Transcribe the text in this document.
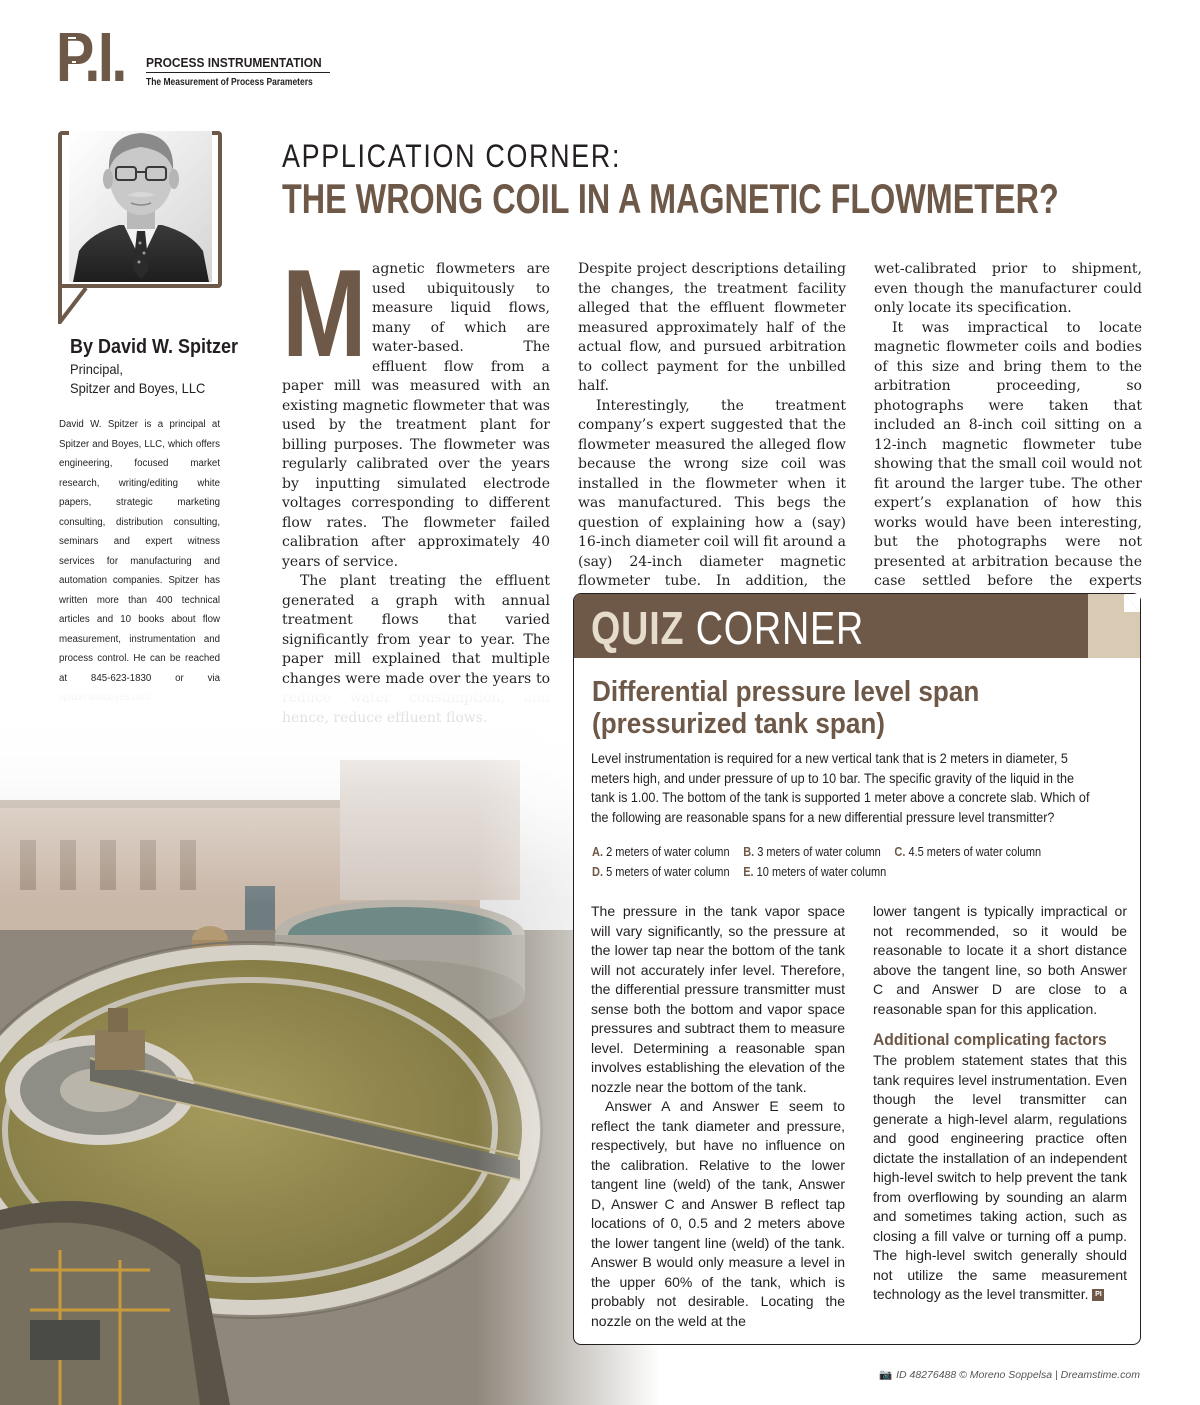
P.I. PROCESS INSTRUMENTATION
The Measurement of Process Parameters
By David W. Spitzer
Principal,
Spitzer and Boyes, LLC
David W. Spitzer is a principal at Spitzer and Boyes, LLC, which offers engineering, focused market research, writing/editing white papers, strategic marketing consulting, distribution consulting, seminars and expert witness services for manufacturing and automation companies. Spitzer has written more than 400 technical articles and 10 books about flow measurement, instrumentation and process control. He can be reached at 845-623-1830 or via
APPLICATION CORNER:
THE WRONG COIL IN A MAGNETIC FLOWMETER?

Magnetic flowmeters are used ubiquitously to measure liquid flows, many of which are water-based. The effluent flow from a paper mill was measured with an existing magnetic flowmeter that was used by the treatment plant for billing purposes. The flowmeter was regularly calibrated over the years by inputting simulated electrode voltages corresponding to different flow rates. The flowmeter failed calibration after approximately 40 years of service.

The plant treating the effluent generated a graph with annual treatment flows that varied significantly from year to year. The paper mill explained that multiple changes were made over the years to

Despite project descriptions detailing the changes, the treatment facility alleged that the effluent flowmeter measured approximately half of the actual flow, and pursued arbitration to collect payment for the unbilled half.

Interestingly, the treatment company’s expert suggested that the flowmeter measured the alleged flow because the wrong size coil was installed in the flowmeter when it was manufactured. This begs the question of explaining how a (say) 16-inch diameter coil will fit around a (say) 24-inch diameter magnetic flowmeter tube. In addition, the

wet-calibrated prior to shipment, even though the manufacturer could only locate its specification.

It was impractical to locate magnetic flowmeter coils and bodies of this size and bring them to the arbitration proceeding, so photographs were taken that included an 8-inch coil sitting on a 12-inch magnetic flowmeter tube showing that the small coil would not fit around the larger tube. The other expert’s explanation of how this works would have been interesting, but the photographs were not presented at arbitration because the case settled before the experts

QUIZ CORNER
Differential pressure level span (pressurized tank span)
Level instrumentation is required for a new vertical tank that is 2 meters in diameter, 5 meters high, and under pressure of up to 10 bar. The specific gravity of the liquid in the tank is 1.00. The bottom of the tank is supported 1 meter above a concrete slab. Which of the following are reasonable spans for a new differential pressure level transmitter?
A. 2 meters of water column B. 3 meters of water column C. 4.5 meters of water column
D. 5 meters of water column E. 10 meters of water column

The pressure in the tank vapor space will vary significantly, so the pressure at the lower tap near the bottom of the tank will not accurately infer level. Therefore, the differential pressure transmitter must sense both the bottom and vapor space pressures and subtract them to measure level. Determining a reasonable span involves establishing the elevation of the nozzle near the bottom of the tank.

Answer A and Answer E seem to reflect the tank diameter and pressure, respectively, but have no influence on the calibration. Relative to the lower tangent line (weld) of the tank, Answer D, Answer C and Answer B reflect tap locations of 0, 0.5 and 2 meters above the lower tangent line (weld) of the tank. Answer B would only measure a level in the upper 60% of the tank, which is probably not desirable. Locating the nozzle on the weld at the

lower tangent is typically impractical or not recommended, so it would be reasonable to locate it a short distance above the tangent line, so both Answer C and Answer D are close to a reasonable span for this application.

Additional complicating factors

The problem statement states that this tank requires level instrumentation. Even though the level transmitter can generate a high-level alarm, regulations and good engineering practice often dictate the installation of an independent high-level switch to help prevent the tank from overflowing by sounding an alarm and sometimes taking action, such as closing a fill valve or turning off a pump. The high-level switch generally should not utilize the same measurement technology as the level transmitter. PI

📷 ID 48276488 © Moreno Soppelsa | Dreamstime.com
